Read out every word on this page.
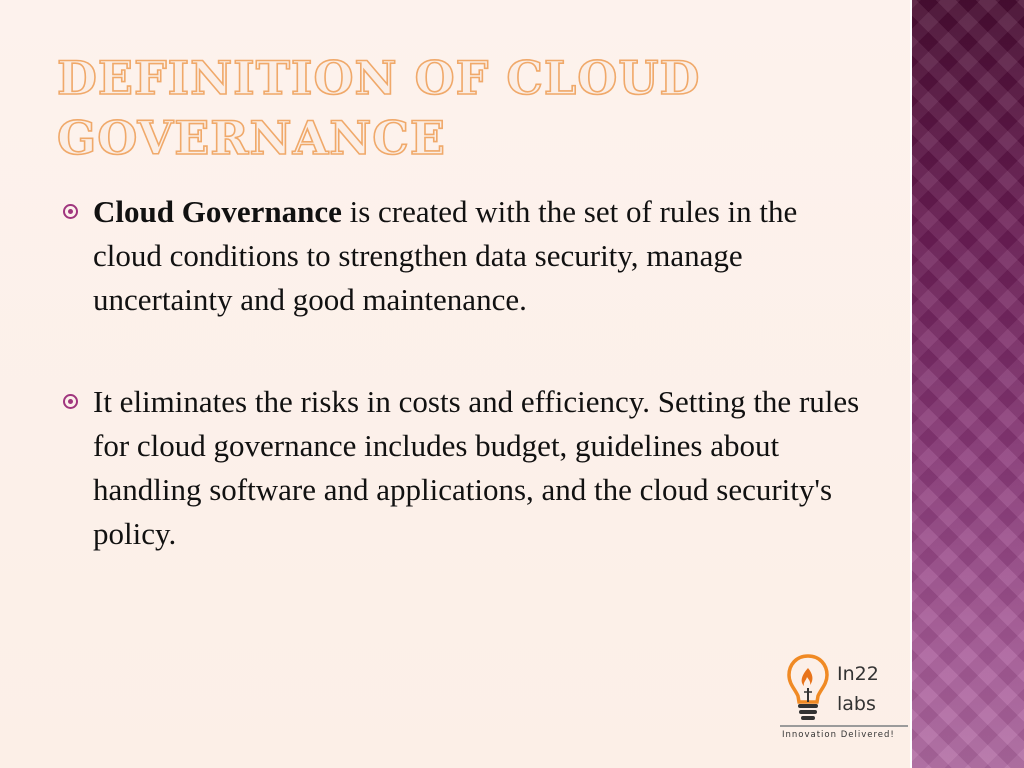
DEFINITION OF CLOUD
GOVERNANCE
Cloud Governance is created with the set of rules in the cloud conditions to strengthen data security, manage uncertainty and good maintenance.
It eliminates the risks in costs and efficiency. Setting the rules for cloud governance includes budget, guidelines about handling software and applications, and the cloud security's policy.
In22
labs
Innovation Delivered!
